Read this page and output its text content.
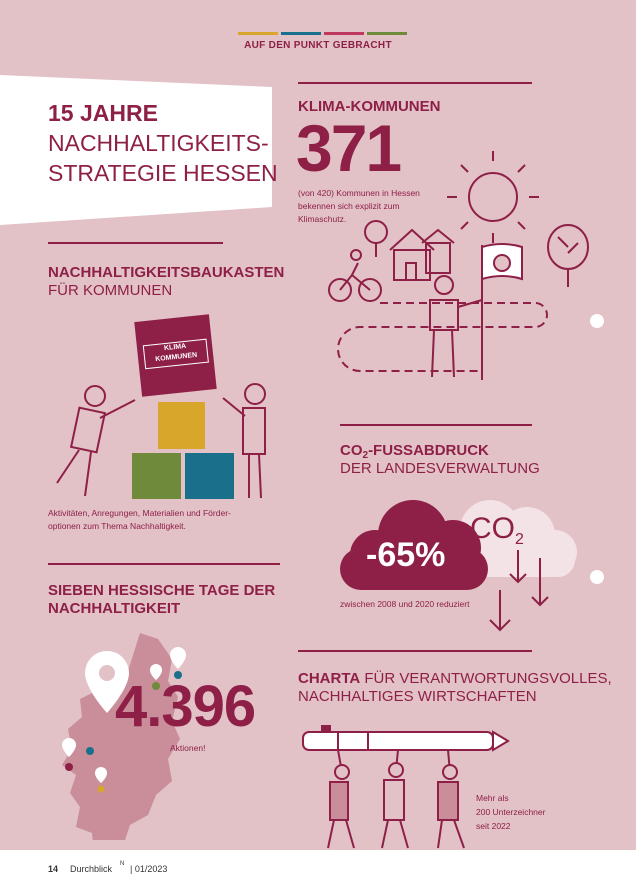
AUF DEN PUNKT GEBRACHT
15 JAHRE
NACHHALTIGKEITS-
STRATEGIE HESSEN
KLIMA-KOMMUNEN
371
(von 420) Kommunen in Hessen
bekennen sich explizit zum
Klimaschutz.
NACHHALTIGKEITSBAUKASTEN
FÜR KOMMUNEN
KLIMA
KOMMUNEN
Aktivitäten, Anregungen, Materialien und Förder-
optionen zum Thema Nachhaltigkeit.
$CO_2$-FUSSABDRUCK
DER LANDESVERWALTUNG
$CO_2$
-65%
zwischen 2008 und 2020 reduziert
SIEBEN HESSISCHE TAGE DER
NACHHALTIGKEIT
4.396
Aktionen!
CHARTA FÜR VERANTWORTUNGSVOLLES,
NACHHALTIGES WIRTSCHAFTEN
Mehr als
200 Unterzeichner
seit 2022
14 Durchblick N | 01/2023
